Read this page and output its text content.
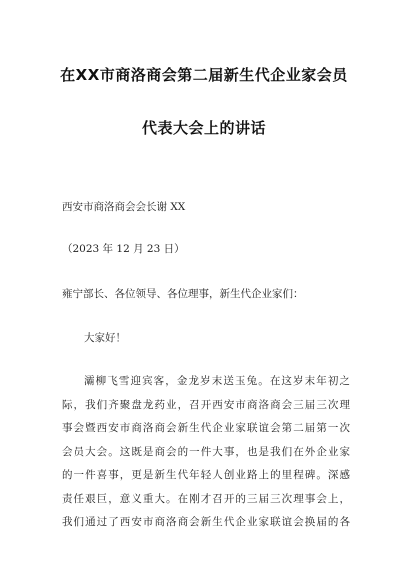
在XX市商洛商会第二届新生代企业家会员
代表大会上的讲话
西安市商洛商会会长谢 XX
（2023 年 12 月 23 日）
雍宁部长、各位领导、各位理事，新生代企业家们：
大家好！
灞柳飞雪迎宾客，金龙岁末送玉兔。在这岁末年初之
际，我们齐聚盘龙药业，召开西安市商洛商会三届三次理
事会暨西安市商洛商会新生代企业家联谊会第二届第一次
会员大会。这既是商会的一件大事，也是我们在外企业家
的一件喜事，更是新生代年轻人创业路上的里程碑。深感
责任艰巨，意义重大。在刚才召开的三届三次理事会上，
我们通过了西安市商洛商会新生代企业家联谊会换届的各
